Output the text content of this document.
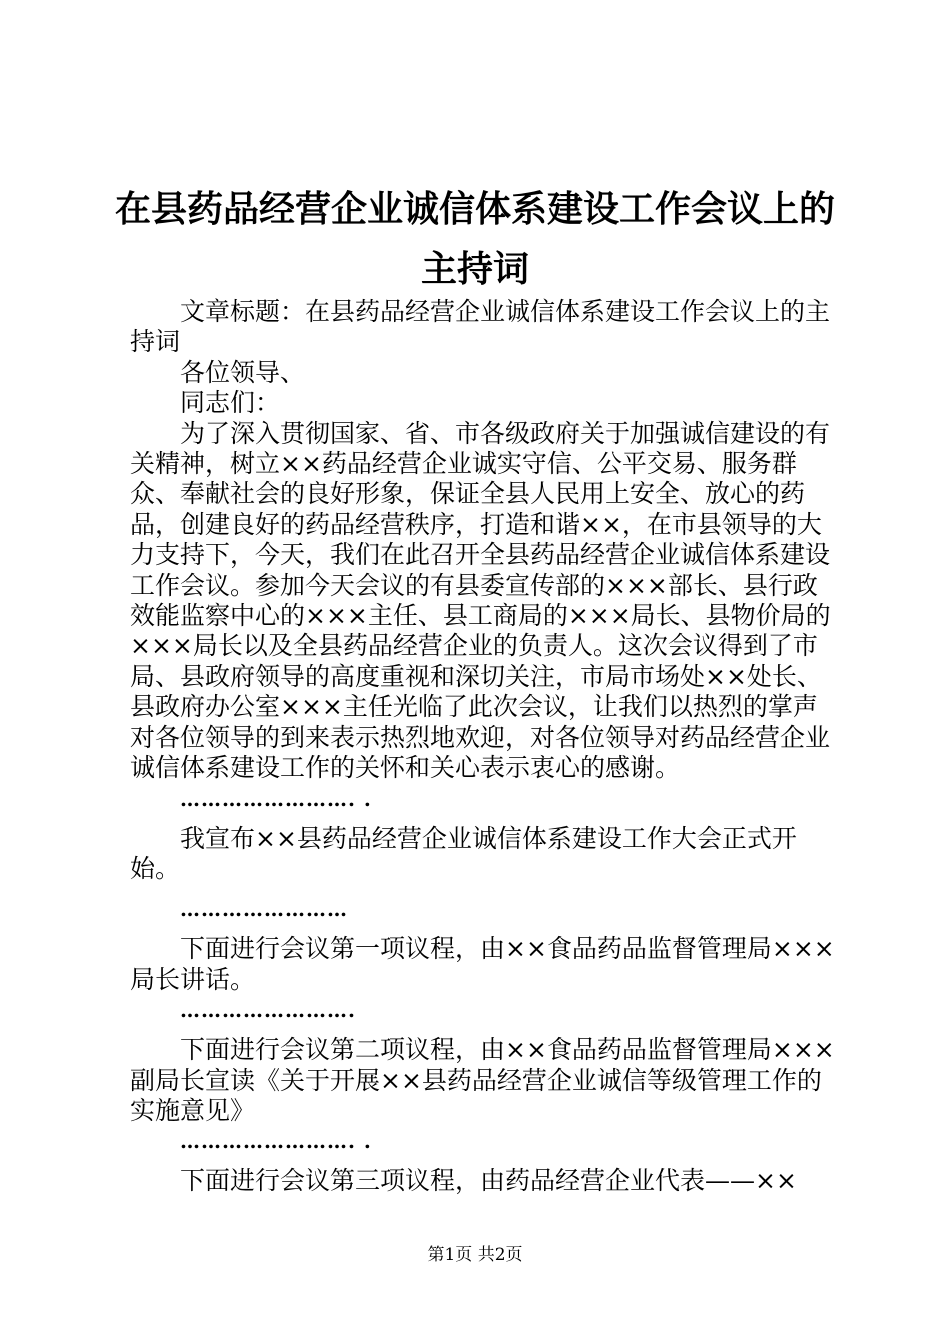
在县药品经营企业诚信体系建设工作会议上的
主持词

文章标题：在县药品经营企业诚信体系建设工作会议上的主持词

各位领导、

同志们：

为了深入贯彻国家、省、市各级政府关于加强诚信建设的有关精神，树立××药品经营企业诚实守信、公平交易、服务群众、奉献社会的良好形象，保证全县人民用上安全、放心的药品，创建良好的药品经营秩序，打造和谐××，在市县领导的大力支持下，今天，我们在此召开全县药品经营企业诚信体系建设工作会议。参加今天会议的有县委宣传部的×××部长、县行政效能监察中心的×××主任、县工商局的×××局长、县物价局的×××局长以及全县药品经营企业的负责人。这次会议得到了市局、县政府领导的高度重视和深切关注，市局市场处××处长、县政府办公室×××主任光临了此次会议，让我们以热烈的掌声对各位领导的到来表示热烈地欢迎，对各位领导对药品经营企业诚信体系建设工作的关怀和关心表示衷心的感谢。

……………………. .

我宣布××县药品经营企业诚信体系建设工作大会正式开始。

……………………

下面进行会议第一项议程，由××食品药品监督管理局×××局长讲话。

…………………….

下面进行会议第二项议程，由××食品药品监督管理局×××副局长宣读《关于开展××县药品经营企业诚信等级管理工作的实施意见》

……………………. .

下面进行会议第三项议程，由药品经营企业代表——××

第1页 共2页
